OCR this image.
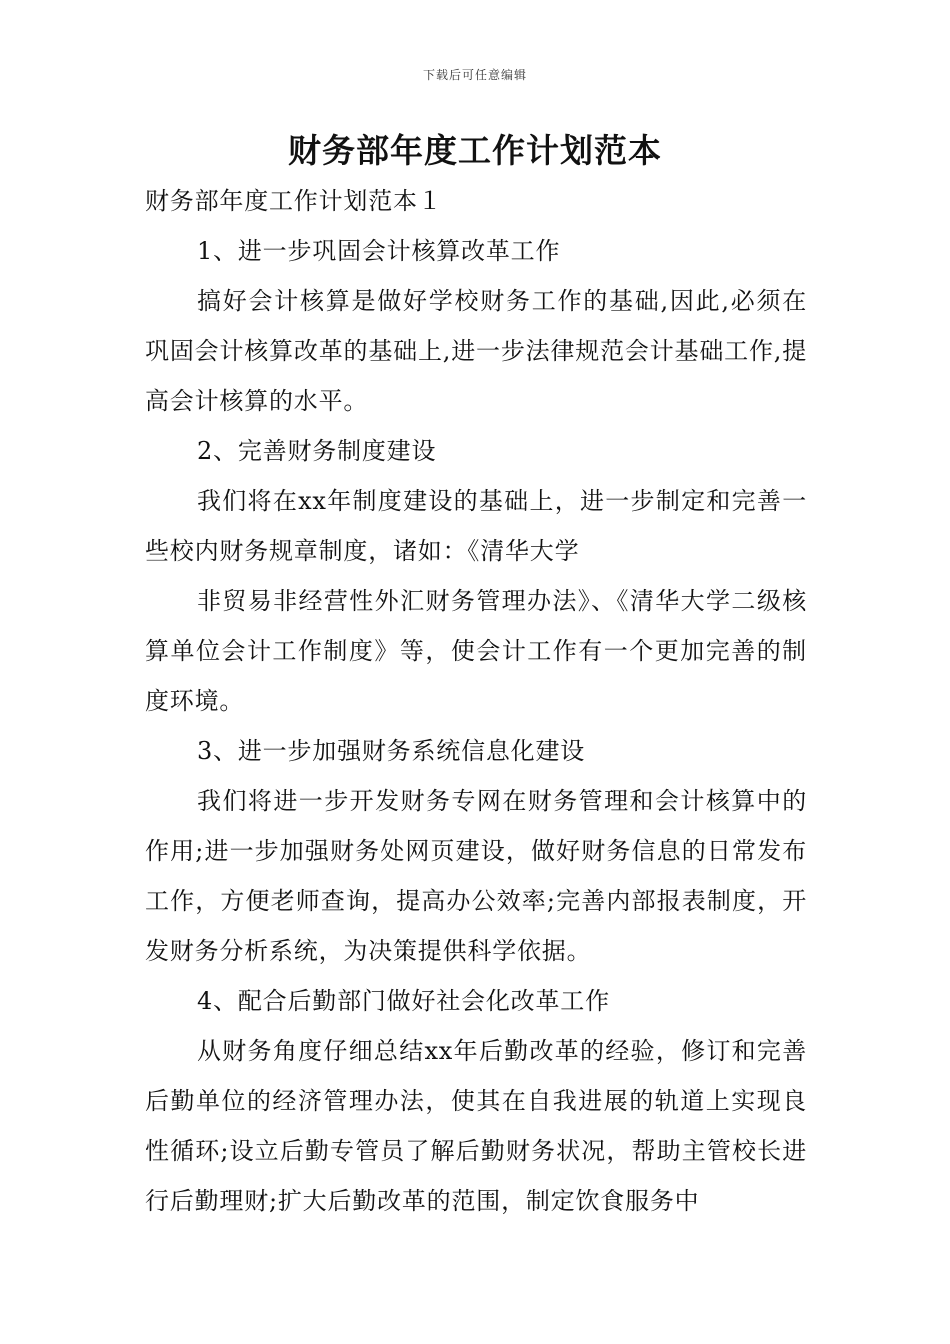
下载后可任意编辑
财务部年度工作计划范本

财务部年度工作计划范本１

1、进一步巩固会计核算改革工作

搞好会计核算是做好学校财务工作的基础,因此,必须在巩固会计核算改革的基础上,进一步法律规范会计基础工作,提高会计核算的水平。

2、完善财务制度建设

我们将在xx年制度建设的基础上，进一步制定和完善一些校内财务规章制度，诸如：《清华大学

非贸易非经营性外汇财务管理办法》、《清华大学二级核算单位会计工作制度》等，使会计工作有一个更加完善的制度环境。

3、进一步加强财务系统信息化建设

我们将进一步开发财务专网在财务管理和会计核算中的作用;进一步加强财务处网页建设，做好财务信息的日常发布工作，方便老师查询，提高办公效率;完善内部报表制度，开发财务分析系统，为决策提供科学依据。

4、配合后勤部门做好社会化改革工作

从财务角度仔细总结xx年后勤改革的经验，修订和完善后勤单位的经济管理办法，使其在自我进展的轨道上实现良性循环;设立后勤专管员了解后勤财务状况，帮助主管校长进行后勤理财;扩大后勤改革的范围，制定饮食服务中
